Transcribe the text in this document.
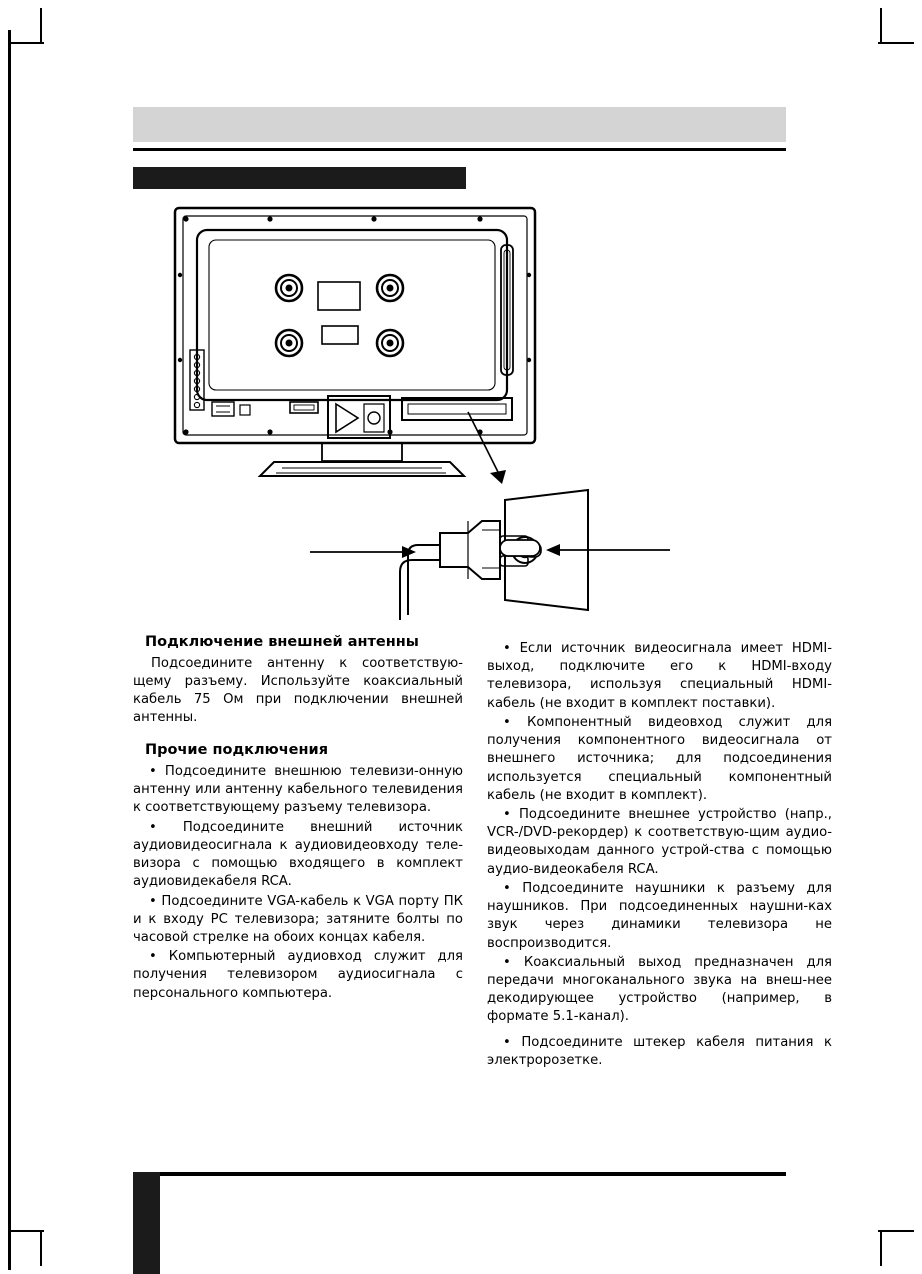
Подключение внешней антенны
Подсоедините антенну к соответствую-щему разъему. Используйте коаксиальный кабель 75 Ом при подключении внешней антенны.
Прочие подключения
• Подсоедините внешнюю телевизи-онную антенну или антенну кабельного телевидения к соответствующему разъему телевизора.
• Подсоедините внешний источник аудиовидеосигнала к аудиовидеовходу теле-визора с помощью входящего в комплект аудиовидекабеля RCA.
• Подсоедините VGA-кабель к VGA порту ПК и к входу PC телевизора; затяните болты по часовой стрелке на обоих концах кабеля.
• Компьютерный аудиовход служит для получения телевизором аудиосигнала с персонального компьютера.
• Если источник видеосигнала имеет HDMI-выход, подключите его к HDMI-входу телевизора, используя специальный HDMI-кабель (не входит в комплект поставки).
• Компонентный видеовход служит для получения компонентного видеосигнала от внешнего источника; для подсоединения используется специальный компонентный кабель (не входит в комплект).
• Подсоедините внешнее устройство (напр., VCR-/DVD-рекордер) к соответствую-щим аудио-видеовыходам данного устрой-ства с помощью аудио-видеокабеля RCA.
• Подсоедините наушники к разъему для наушников. При подсоединенных наушни-ках звук через динамики телевизора не воспроизводится.
• Коаксиальный выход предназначен для передачи многоканального звука на внеш-нее декодирующее устройство (например, в формате 5.1-канал).
• Подсоедините штекер кабеля питания к электророзетке.
